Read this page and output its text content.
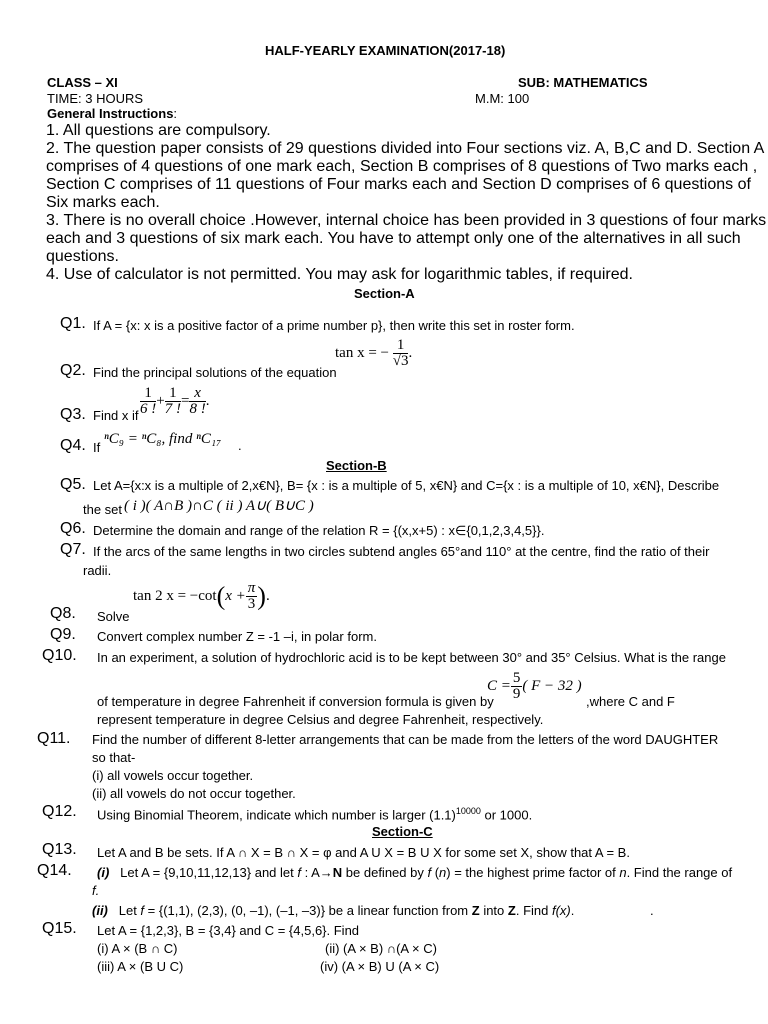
HALF-YEARLY EXAMINATION(2017-18)
CLASS – XI	SUB: MATHEMATICS
TIME: 3 HOURS	M.M: 100
General Instructions:
1. All questions are compulsory.
2. The question paper consists of 29 questions divided into Four sections viz. A, B,C and D. Section A
comprises of 4 questions of one mark each, Section B comprises of 8 questions of Two marks each ,
Section C comprises of 11 questions of Four marks each and Section D comprises of 6 questions of
Six marks each.
3. There is no overall choice .However, internal choice has been provided in 3 questions of four marks
each and 3 questions of six mark each. You have to attempt only one of the alternatives in all such
questions.
4. Use of calculator is not permitted. You may ask for logarithmic tables, if required.
Section-A
Q1. If A = {x: x is a positive factor of a prime number p}, then write this set in roster form.
tan x = − $\frac{1}{√3}$ .
Q2. Find the principal solutions of the equation
Q3. Find x if $\frac{1}{6 !} + \frac{1}{7 !} = \frac{x}{8 !}$ .
Q4. If
ⁿC₉ = ⁿC₈, find ⁿC₁₇ .
Section-B
Q5. Let A={x:x is a multiple of 2,x€N}, B= {x : is a multiple of 5, x€N} and C={x : is a multiple of 10, x€N}, Describe
the set ( i )( A∩B )∩C ( ii ) A∪( B∪C )
Q6. Determine the domain and range of the relation R = {(x,x+5) : x∈{0,1,2,3,4,5}}.
Q7. If the arcs of the same lengths in two circles subtend angles 65°and 110° at the centre, find the ratio of their
radii.
tan 2 $x = -\cot(x + \frac{\pi}{3}$ ).
Q8. Solve
Q9. Convert complex number Z = -1 –i, in polar form.
Q10. In an experiment, a solution of hydrochloric acid is to be kept between 30° and 35° Celsius. What is the range
$C = \frac{5}{9}$ ( F − 32 )
of temperature in degree Fahrenheit if conversion formula is given by	,where C and F
represent temperature in degree Celsius and degree Fahrenheit, respectively.
Q11. Find the number of different 8-letter arrangements that can be made from the letters of the word DAUGHTER
so that-
(i) all vowels occur together.
(ii) all vowels do not occur together.
Q12. Using Binomial Theorem, indicate which number is larger $(1.1)^{10000}$ or 1000.
Section-C
Q13. Let A and B be sets. If A ∩ X = B ∩ X = φ and A U X = B U X for some set X, show that A = B.
Q14. (i) Let A = {9,10,11,12,13} and let f : A→N be defined by f (n) = the highest prime factor of n. Find the range of
f.
(ii) Let f = {(1,1), (2,3), (0, –1), (–1, –3)} be a linear function from Z into Z. Find f(x).	.
Q15. Let A = {1,2,3}, B = {3,4} and C = {4,5,6}. Find
(i) A × (B ∩ C)	(ii) (A × B) ∩(A × C)
(iii) A × (B U C)	(iv) (A × B) U (A × C)
